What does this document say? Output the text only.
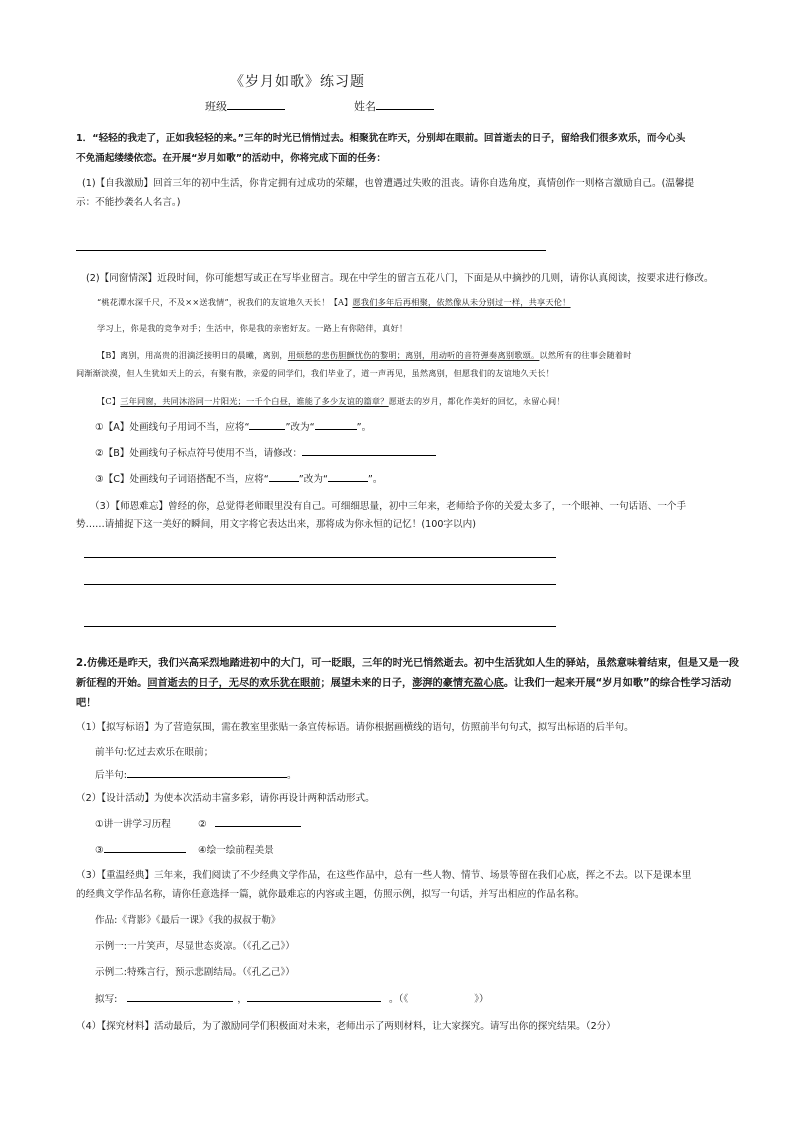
《岁月如歌》练习题
班级	姓名
1．“轻轻的我走了，正如我轻轻的来。”三年的时光已悄悄过去。相聚犹在昨天，分别却在眼前。回首逝去的日子，留给我们很多欢乐，而今心头
不免涌起缕缕依恋。在开展“岁月如歌”的活动中，你将完成下面的任务：
(1)【自我激励】回首三年的初中生活，你肯定拥有过成功的荣耀，也曾遭遇过失败的沮丧。请你自选角度，真情创作一则格言激励自己。(温馨提
示：不能抄袭名人名言。)
(2)【同窗情深】近段时间，你可能想写或正在写毕业留言。现在中学生的留言五花八门，下面是从中摘抄的几则，请你认真阅读，按要求进行修改。
“桃花潭水深千尺，不及××送我情”，祝我们的友谊地久天长！【A】愿我们多年后再相聚，依然像从未分别过一样，共享天伦！
学习上，你是我的竞争对手；生活中，你是我的亲密好友。一路上有你陪伴，真好！
【B】离别，用高贵的泪滴泛接明日的晨曦，离别，用烦愁的悲伤胆颤忧伤的黎明；离别，用动听的音符弹奏离别歌颂。以然所有的往事会随着时
间渐渐淡漠，但人生犹如天上的云，有聚有散，亲爱的同学们，我们毕业了，道一声再见，虽然离别，但愿我们的友谊地久天长！
【C】三年同窗，共同沐浴同一片阳光；一千个白昼，谁能了多少友谊的篇章？愿逝去的岁月，都化作美好的回忆，永留心间！
①【A】处画线句子用词不当，应将“	”改为“	”。
②【B】处画线句子标点符号使用不当，请修改：
③【C】处画线句子词语搭配不当，应将“	”改为“	”。
（3）【师恩难忘】曾经的你，总觉得老师眼里没有自己。可细细思量，初中三年来，老师给予你的关爱太多了，一个眼神、一句话语、一个手
势……请捕捉下这一美好的瞬间，用文字将它表达出来，那将成为你永恒的记忆！(100字以内)
2.仿佛还是昨天，我们兴高采烈地踏进初中的大门，可一眨眼，三年的时光已悄然逝去。初中生活犹如人生的驿站，虽然意味着结束，但是又是一段
新征程的开始。回首逝去的日子，无尽的欢乐犹在眼前；展望未来的日子，澎湃的豪情充盈心底。让我们一起来开展“岁月如歌”的综合性学习活动
吧！
（1）【拟写标语】为了营造氛围，需在教室里张贴一条宣传标语。请你根据画横线的语句，仿照前半句句式，拟写出标语的后半句。
前半句:忆过去欢乐在眼前；
后半句:	。
（2）【设计活动】为使本次活动丰富多彩，请你再设计两种活动形式。
①讲一讲学习历程	②
③	④绘一绘前程美景
（3）【重温经典】三年来，我们阅读了不少经典文学作品，在这些作品中，总有一些人物、情节、场景等留在我们心底，挥之不去。以下是课本里
的经典文学作品名称，请你任意选择一篇，就你最难忘的内容或主题，仿照示例，拟写一句话，并写出相应的作品名称。
作品:《背影》《最后一课》《我的叔叔于勒》
示例一:一片笑声，尽显世态炎凉。（《孔乙己》）
示例二:特殊言行，预示悲剧结局。（《孔乙己》）
拟写:	，	。（《	》）
（4）【探究材料】活动最后，为了激励同学们积极面对未来，老师出示了两则材料，让大家探究。请写出你的探究结果。（2分）
